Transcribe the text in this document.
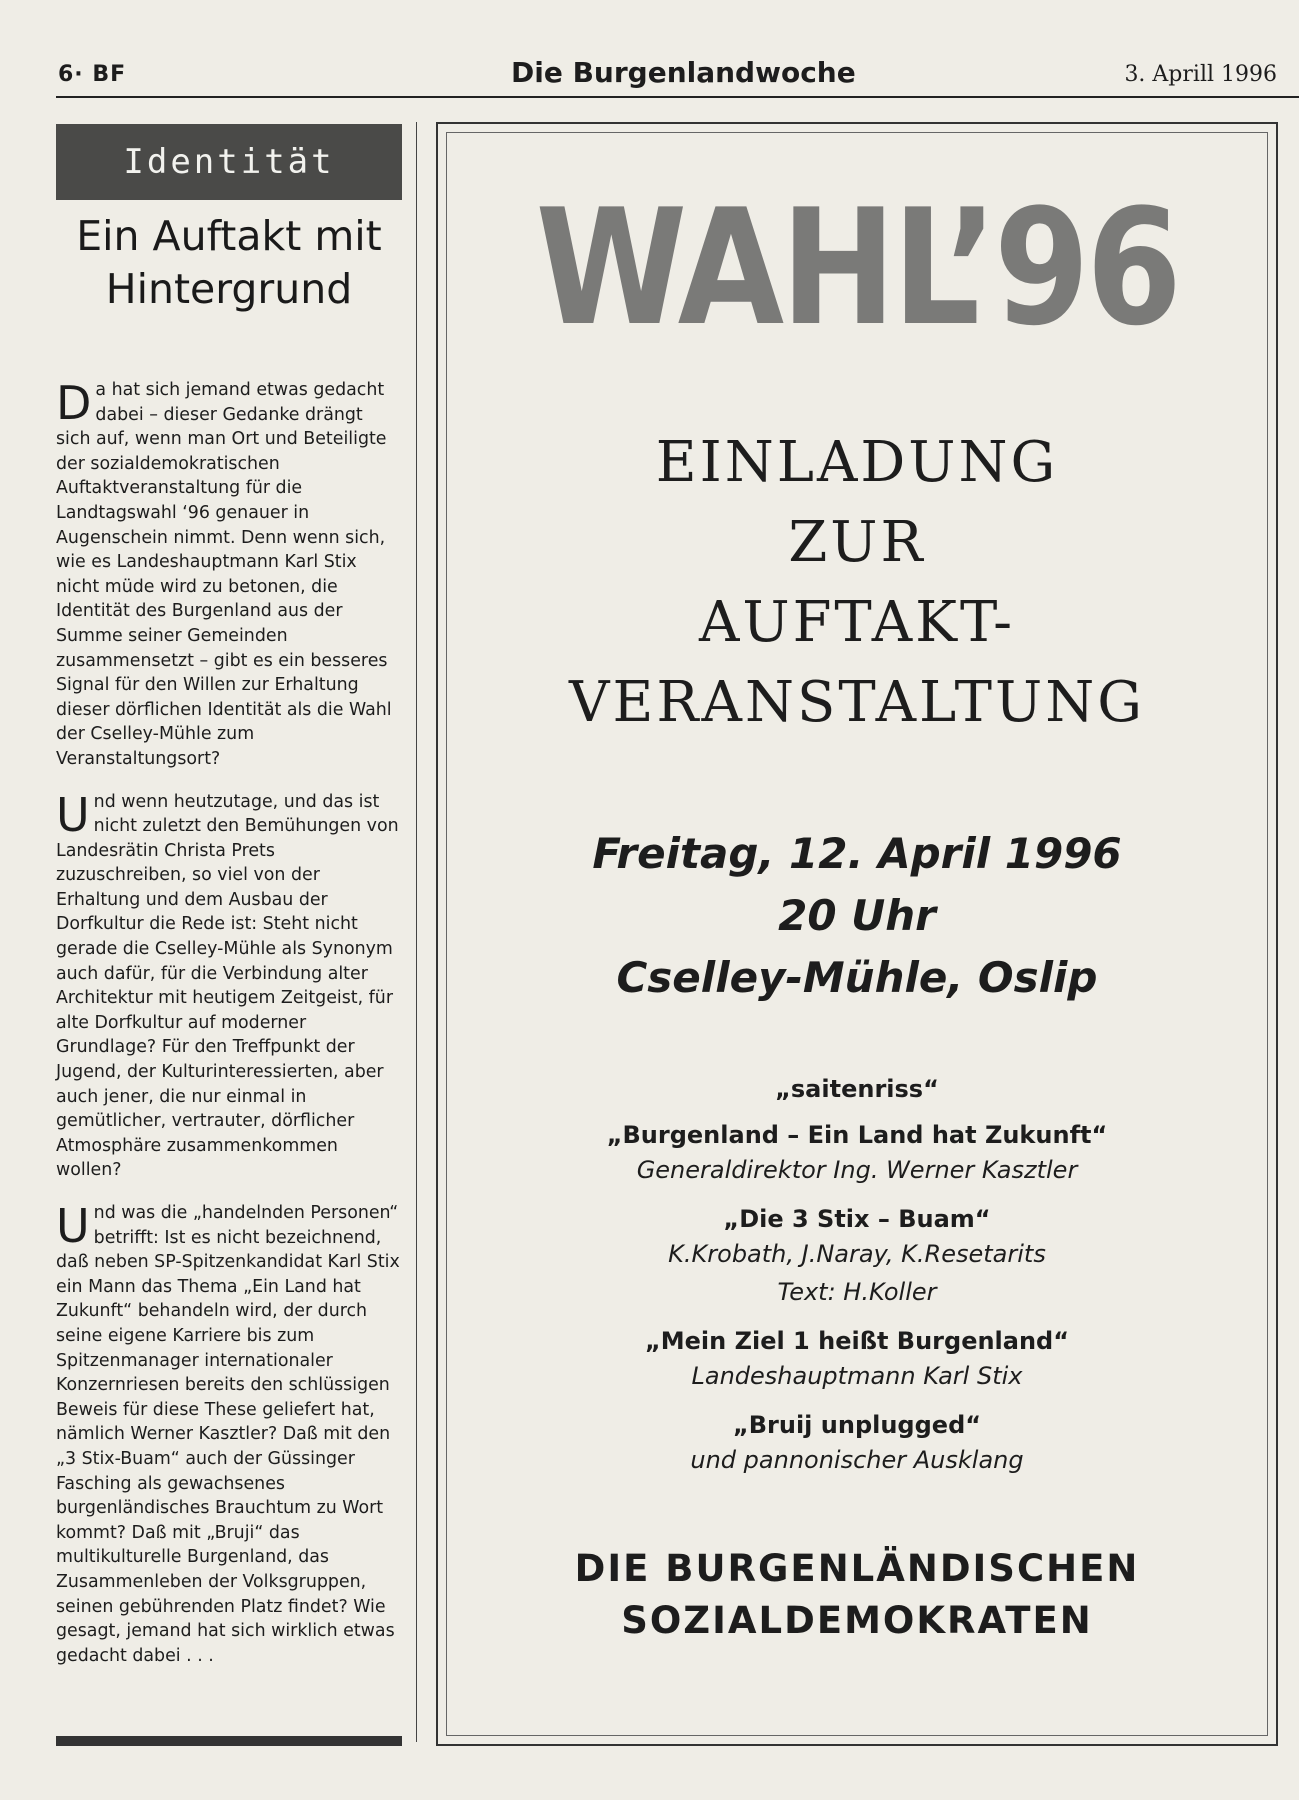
6· BF	Die Burgenlandwoche	3. Aprill 1996
Identität
Ein Auftakt mit
Hintergrund

Da hat sich jemand etwas gedacht dabei – dieser Gedanke drängt sich auf, wenn man Ort und Beteiligte der sozialdemokratischen Auftaktveranstaltung für die Landtagswahl ‘96 genauer in Augenschein nimmt. Denn wenn sich, wie es Landeshauptmann Karl Stix nicht müde wird zu betonen, die Identität des Burgenland aus der Summe seiner Gemeinden zusammensetzt – gibt es ein besseres Signal für den Willen zur Erhaltung dieser dörflichen Identität als die Wahl der Cselley-Mühle zum Veranstaltungsort?

Und wenn heutzutage, und das ist nicht zuletzt den Bemühungen von Landesrätin Christa Prets zuzuschreiben, so viel von der Erhaltung und dem Ausbau der Dorfkultur die Rede ist: Steht nicht gerade die Cselley-Mühle als Synonym auch dafür, für die Verbindung alter Architektur mit heutigem Zeitgeist, für alte Dorfkultur auf moderner Grundlage? Für den Treffpunkt der Jugend, der Kulturinteressierten, aber auch jener, die nur einmal in gemütlicher, vertrauter, dörflicher Atmosphäre zusammenkommen wollen?

Und was die „handelnden Personen“ betrifft: Ist es nicht bezeichnend, daß neben SP-Spitzenkandidat Karl Stix ein Mann das Thema „Ein Land hat Zukunft“ behandeln wird, der durch seine eigene Karriere bis zum Spitzenmanager internationaler Konzernriesen bereits den schlüssigen Beweis für diese These geliefert hat, nämlich Werner Kasztler? Daß mit den „3 Stix-Buam“ auch der Güssinger Fasching als gewachsenes burgenländisches Brauchtum zu Wort kommt? Daß mit „Bruji“ das multikulturelle Burgenland, das Zusammenleben der Volksgruppen, seinen gebührenden Platz findet? Wie gesagt, jemand hat sich wirklich etwas gedacht dabei . . .

WAHL’96
EINLADUNG
ZUR
AUFTAKT-
VERANSTALTUNG
Freitag, 12. April 1996
20 Uhr
Cselley-Mühle, Oslip
„saitenriss“
„Burgenland – Ein Land hat Zukunft“
Generaldirektor Ing. Werner Kasztler
„Die 3 Stix – Buam“
K.Krobath, J.Naray, K.Resetarits
Text: H.Koller
„Mein Ziel 1 heißt Burgenland“
Landeshauptmann Karl Stix
„Bruij unplugged“
und pannonischer Ausklang
DIE BURGENLÄNDISCHEN
SOZIALDEMOKRATEN
